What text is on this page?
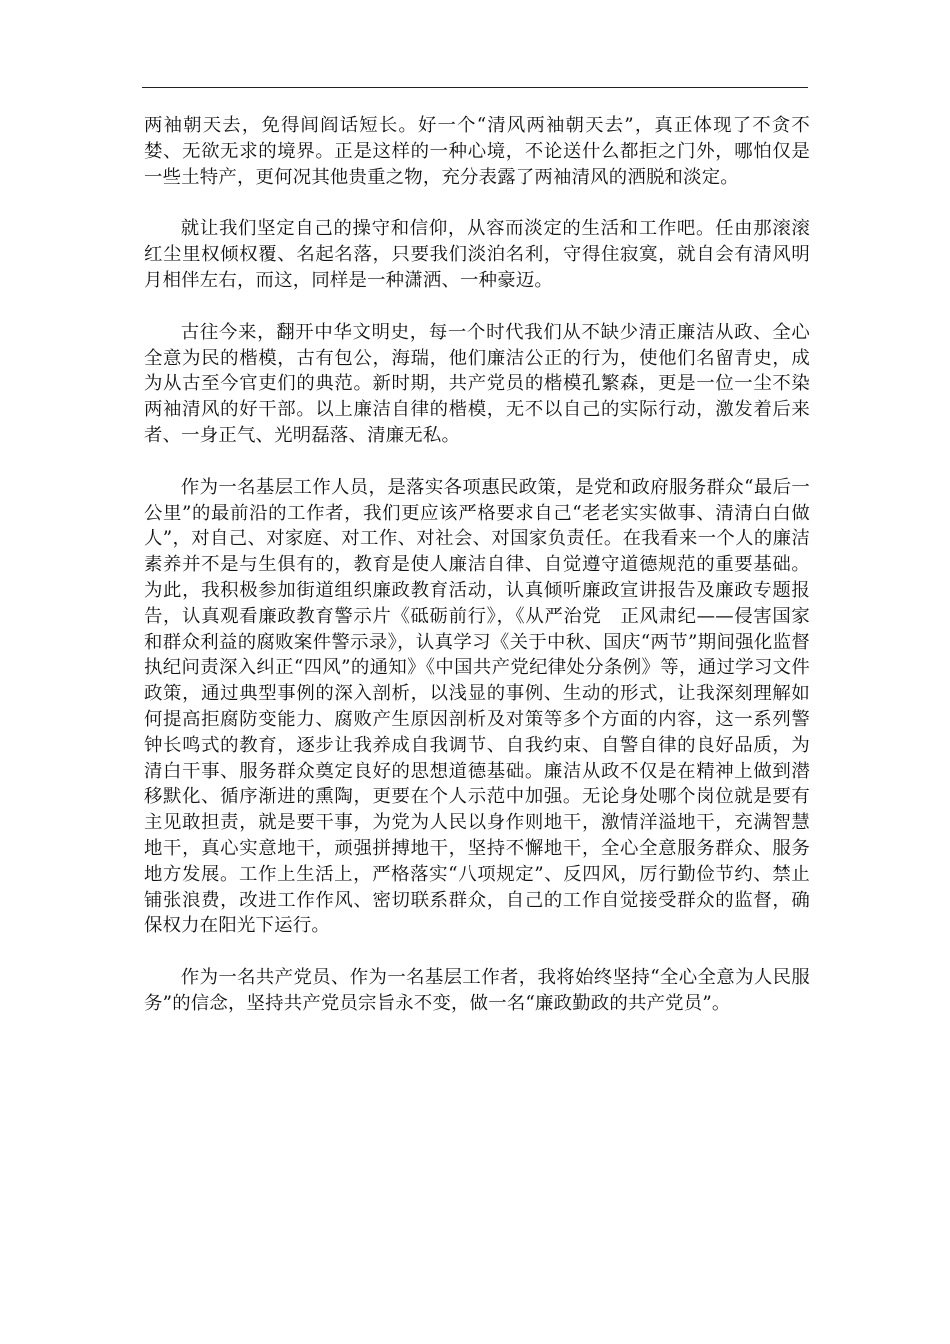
两袖朝天去，免得闾阎话短长。好一个“清风两袖朝天去”，真正体现了不贪不婪、无欲无求的境界。正是这样的一种心境，不论送什么都拒之门外，哪怕仅是一些土特产，更何况其他贵重之物，充分表露了两袖清风的洒脱和淡定。

就让我们坚定自己的操守和信仰，从容而淡定的生活和工作吧。任由那滚滚红尘里权倾权覆、名起名落，只要我们淡泊名利，守得住寂寞，就自会有清风明月相伴左右，而这，同样是一种潇洒、一种豪迈。

古往今来，翻开中华文明史，每一个时代我们从不缺少清正廉洁从政、全心全意为民的楷模，古有包公，海瑞，他们廉洁公正的行为，使他们名留青史，成为从古至今官吏们的典范。新时期，共产党员的楷模孔繁森，更是一位一尘不染两袖清风的好干部。以上廉洁自律的楷模，无不以自己的实际行动，激发着后来者、一身正气、光明磊落、清廉无私。

作为一名基层工作人员，是落实各项惠民政策，是党和政府服务群众“最后一公里”的最前沿的工作者，我们更应该严格要求自己“老老实实做事、清清白白做人”，对自己、对家庭、对工作、对社会、对国家负责任。在我看来一个人的廉洁素养并不是与生俱有的，教育是使人廉洁自律、自觉遵守道德规范的重要基础。为此，我积极参加街道组织廉政教育活动，认真倾听廉政宣讲报告及廉政专题报告，认真观看廉政教育警示片《砥砺前行》，《从严治党　正风肃纪——侵害国家和群众利益的腐败案件警示录》，认真学习《关于中秋、国庆“两节”期间强化监督执纪问责深入纠正“四风”的通知》《中国共产党纪律处分条例》等，通过学习文件政策，通过典型事例的深入剖析，以浅显的事例、生动的形式，让我深刻理解如何提高拒腐防变能力、腐败产生原因剖析及对策等多个方面的内容，这一系列警钟长鸣式的教育，逐步让我养成自我调节、自我约束、自警自律的良好品质，为清白干事、服务群众奠定良好的思想道德基础。廉洁从政不仅是在精神上做到潜移默化、循序渐进的熏陶，更要在个人示范中加强。无论身处哪个岗位就是要有主见敢担责，就是要干事，为党为人民以身作则地干，激情洋溢地干，充满智慧地干，真心实意地干，顽强拼搏地干，坚持不懈地干，全心全意服务群众、服务地方发展。工作上生活上，严格落实“八项规定”、反四风，厉行勤俭节约、禁止铺张浪费，改进工作作风、密切联系群众，自己的工作自觉接受群众的监督，确保权力在阳光下运行。

作为一名共产党员、作为一名基层工作者，我将始终坚持“全心全意为人民服务”的信念，坚持共产党员宗旨永不变，做一名“廉政勤政的共产党员”。
